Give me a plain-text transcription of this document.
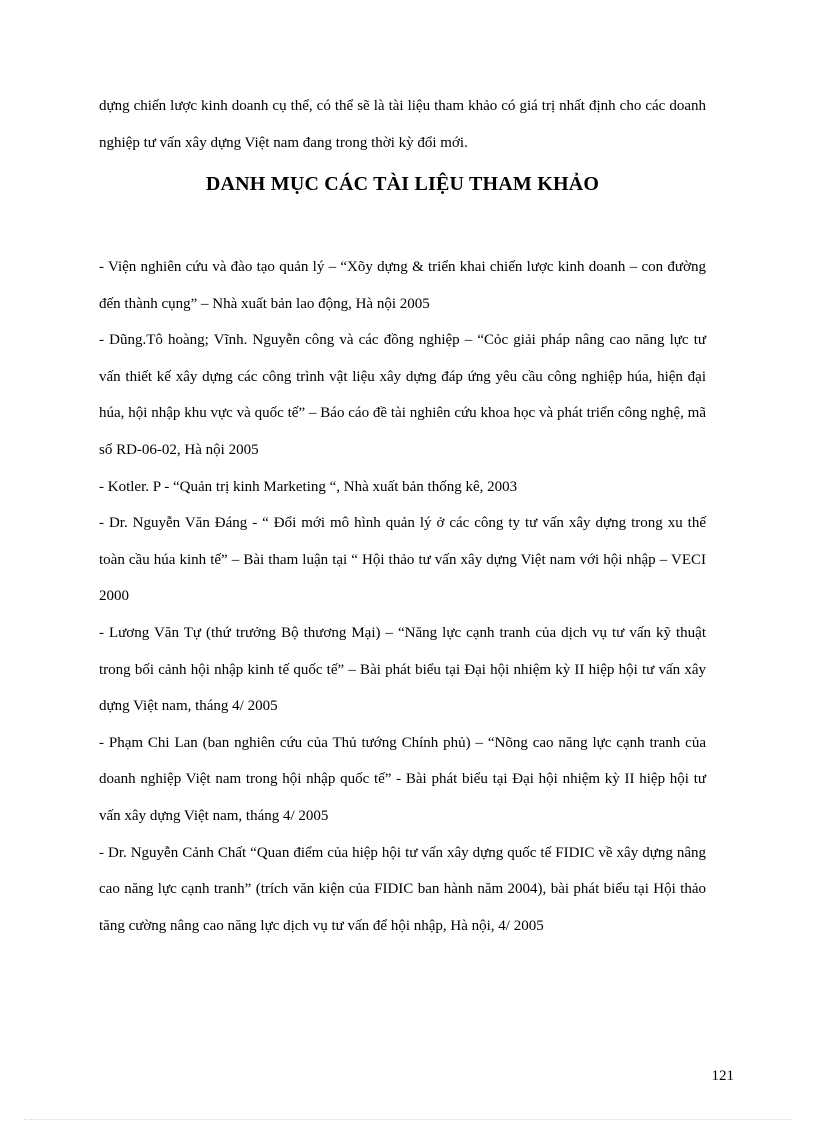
dựng chiến lược kinh doanh cụ thể, có thể sẽ là tài liệu tham khảo có giá trị nhất định cho các doanh nghiệp tư vấn xây dựng Việt nam đang trong thời kỳ đổi mới.

DANH MỤC CÁC TÀI LIỆU THAM KHẢO
- Viện nghiên cứu và đào tạo quản lý – “Xõy dựng & triển khai chiến lược kinh doanh – con đường đến thành cụng” – Nhà xuất bản lao động, Hà nội 2005
- Dũng.Tô hoàng; Vĩnh. Nguyễn công và các đồng nghiệp – “Cỏc giải pháp nâng cao năng lực tư vấn thiết kế xây dựng các công trình vật liệu xây dựng đáp ứng yêu cầu công nghiệp húa, hiện đại húa, hội nhập khu vực và quốc tế” – Báo cáo đề tài nghiên cứu khoa học và phát triển công nghệ, mã số RD-06-02, Hà nội 2005
- Kotler. P - “Quản trị kinh Marketing “, Nhà xuất bản thống kê, 2003
- Dr. Nguyễn Văn Đáng - “ Đổi mới mô hình quản lý ở các công ty tư vấn xây dựng trong xu thế toàn cầu húa kinh tế” – Bài tham luận tại “ Hội thảo tư vấn xây dựng Việt nam với hội nhập – VECI 2000
- Lương Văn Tự (thứ trưởng Bộ thương Mại) – “Năng lực cạnh tranh của dịch vụ tư vấn kỹ thuật trong bối cảnh hội nhập kinh tế quốc tế” – Bài phát biểu tại Đại hội nhiệm kỳ II hiệp hội tư vấn xây dựng Việt nam, tháng 4/ 2005
- Phạm Chi Lan (ban nghiên cứu của Thủ tướng Chính phủ) – “Nõng cao năng lực cạnh tranh của doanh nghiệp Việt nam trong hội nhập quốc tế” - Bài phát biểu tại Đại hội nhiệm kỳ II hiệp hội tư vấn xây dựng Việt nam, tháng 4/ 2005
- Dr. Nguyễn Cảnh Chất “Quan điểm của hiệp hội tư vấn xây dựng quốc tế FIDIC về xây dựng nâng cao năng lực cạnh tranh” (trích văn kiện của FIDIC ban hành năm 2004), bài phát biểu tại Hội thảo tăng cường nâng cao năng lực dịch vụ tư vấn để hội nhập, Hà nội, 4/ 2005
121
